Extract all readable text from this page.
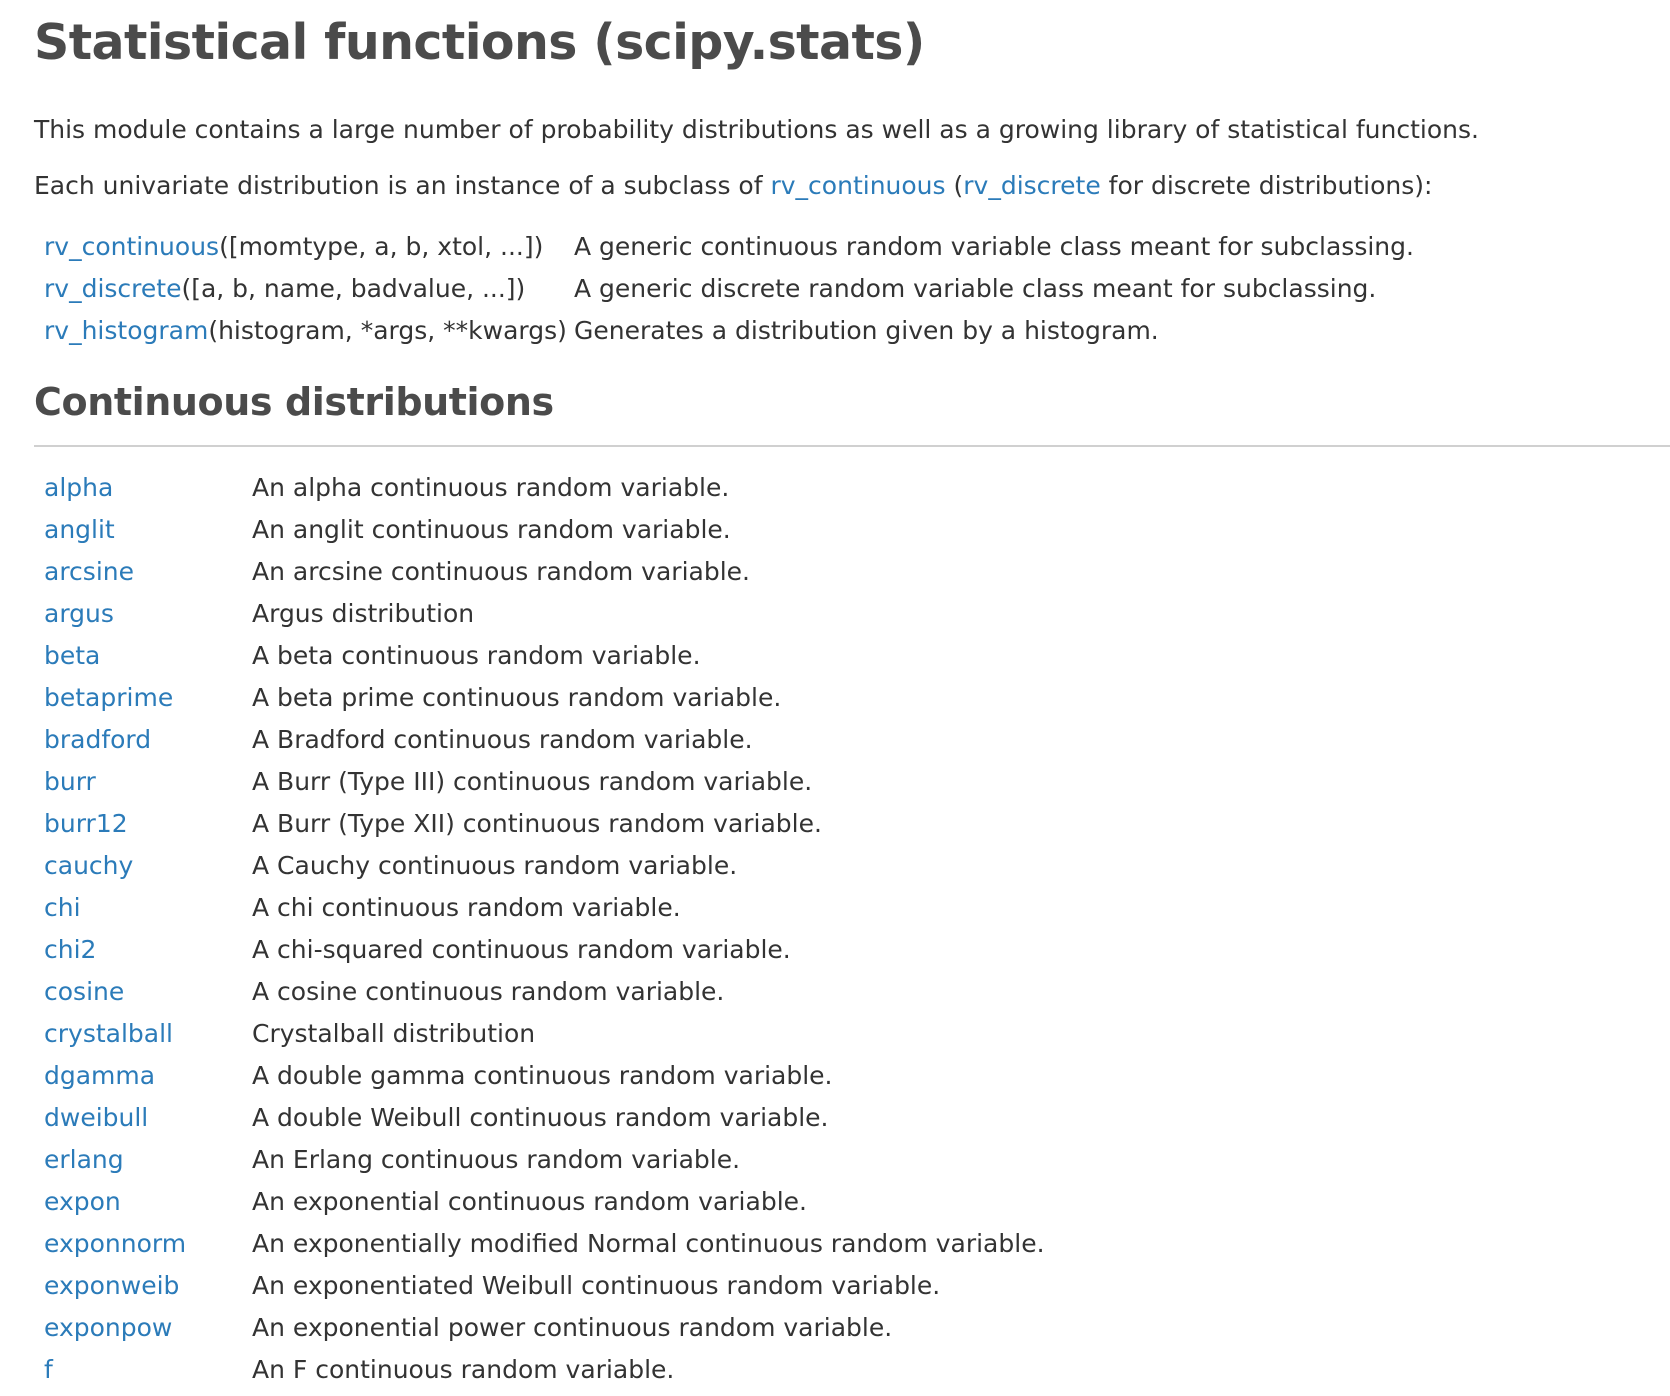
Statistical functions (scipy.stats)

This module contains a large number of probability distributions as well as a growing library of statistical functions.

Each univariate distribution is an instance of a subclass of rv_continuous (rv_discrete for discrete distributions):

rv_continuous([momtype, a, b, xtol, ...])	A generic continuous random variable class meant for subclassing.
rv_discrete([a, b, name, badvalue, ...])	A generic discrete random variable class meant for subclassing.
rv_histogram(histogram, *args, **kwargs)	Generates a distribution given by a histogram.
Continuous distributions
alpha	An alpha continuous random variable.
anglit	An anglit continuous random variable.
arcsine	An arcsine continuous random variable.
argus	Argus distribution
beta	A beta continuous random variable.
betaprime	A beta prime continuous random variable.
bradford	A Bradford continuous random variable.
burr	A Burr (Type III) continuous random variable.
burr12	A Burr (Type XII) continuous random variable.
cauchy	A Cauchy continuous random variable.
chi	A chi continuous random variable.
chi2	A chi-squared continuous random variable.
cosine	A cosine continuous random variable.
crystalball	Crystalball distribution
dgamma	A double gamma continuous random variable.
dweibull	A double Weibull continuous random variable.
erlang	An Erlang continuous random variable.
expon	An exponential continuous random variable.
exponnorm	An exponentially modified Normal continuous random variable.
exponweib	An exponentiated Weibull continuous random variable.
exponpow	An exponential power continuous random variable.
f	An F continuous random variable.
